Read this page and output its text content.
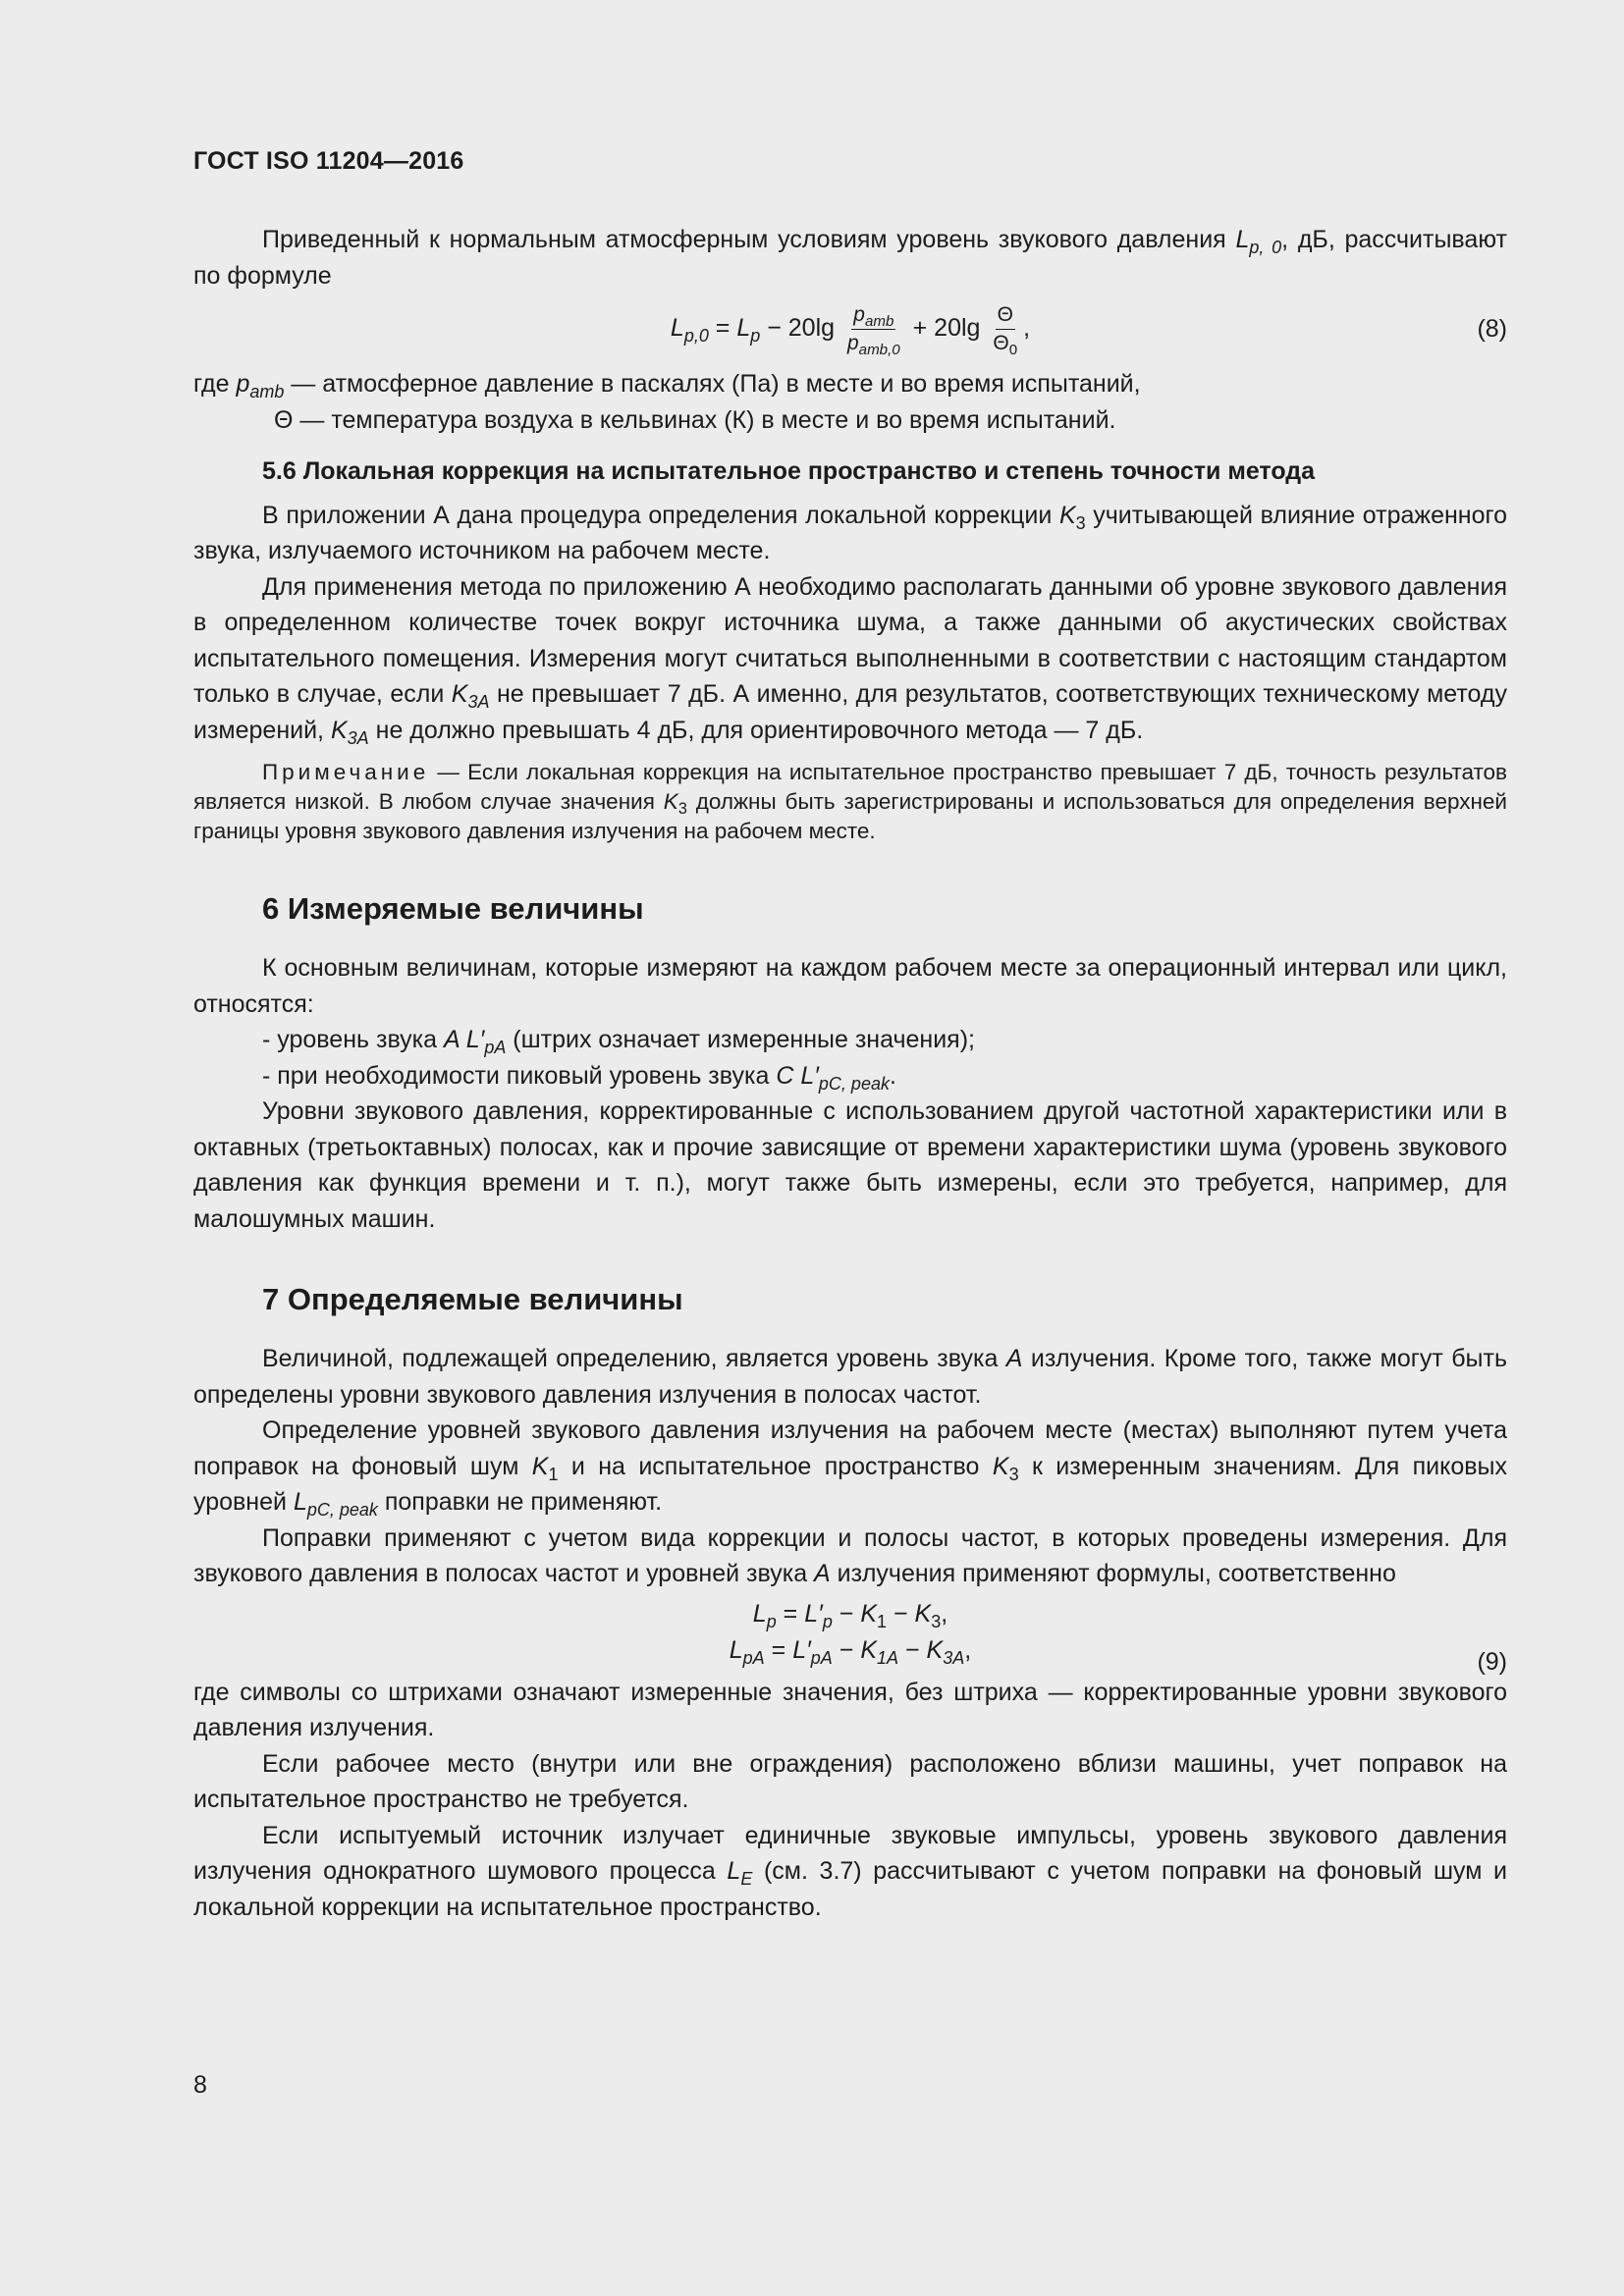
ГОСТ ISO 11204—2016

Приведенный к нормальным атмосферным условиям уровень звукового давления $L_{p, 0}$, дБ, рассчитывают по формуле

$L_{p,0} = L_p - 20\lg \frac{p_{amb}}{p_{amb,0}} + 20\lg \frac{\Theta}{\Theta_0}$ ,	(8)

где $p_{amb}$ — атмосферное давление в паскалях (Па) в месте и во время испытаний,

Θ — температура воздуха в кельвинах (К) в месте и во время испытаний.

5.6 Локальная коррекция на испытательное пространство и степень точности метода

В приложении А дана процедура определения локальной коррекции $K_3$ учитывающей влияние отраженного звука, излучаемого источником на рабочем месте.

Для применения метода по приложению А необходимо располагать данными об уровне звукового давления в определенном количестве точек вокруг источника шума, а также данными об акустических свойствах испытательного помещения. Измерения могут считаться выполненными в соответствии с настоящим стандартом только в случае, если $K_{3A}$ не превышает 7 дБ. А именно, для результатов, соответствующих техническому методу измерений, $K_{3A}$ не должно превышать 4 дБ, для ориентировочного метода — 7 дБ.

Примечание — Если локальная коррекция на испытательное пространство превышает 7 дБ, точность результатов является низкой. В любом случае значения $K_3$ должны быть зарегистрированы и использоваться для определения верхней границы уровня звукового давления излучения на рабочем месте.

6 Измеряемые величины

К основным величинам, которые измеряют на каждом рабочем месте за операционный интервал или цикл, относятся:

- уровень звука A $L'_{pA}$ (штрих означает измеренные значения);

- при необходимости пиковый уровень звука C $L'_{pC, peak}$.

Уровни звукового давления, корректированные с использованием другой частотной характеристики или в октавных (третьоктавных) полосах, как и прочие зависящие от времени характеристики шума (уровень звукового давления как функция времени и т. п.), могут также быть измерены, если это требуется, например, для малошумных машин.

7 Определяемые величины

Величиной, подлежащей определению, является уровень звука A излучения. Кроме того, также могут быть определены уровни звукового давления излучения в полосах частот.

Определение уровней звукового давления излучения на рабочем месте (местах) выполняют путем учета поправок на фоновый шум $K_1$ и на испытательное пространство $K_3$ к измеренным значениям. Для пиковых уровней $L_{pC, peak}$ поправки не применяют.

Поправки применяют с учетом вида коррекции и полосы частот, в которых проведены измерения. Для звукового давления в полосах частот и уровней звука A излучения применяют формулы, соответственно

$L_p = L'_p - K_1 - K_3$,
$L_{pA} = L'_{pA} - K_{1A} - K_{3A}$,	(9)

где символы со штрихами означают измеренные значения, без штриха — корректированные уровни звукового давления излучения.

Если рабочее место (внутри или вне ограждения) расположено вблизи машины, учет поправок на испытательное пространство не требуется.

Если испытуемый источник излучает единичные звуковые импульсы, уровень звукового давления излучения однократного шумового процесса $L_E$ (см. 3.7) рассчитывают с учетом поправки на фоновый шум и локальной коррекции на испытательное пространство.

8
